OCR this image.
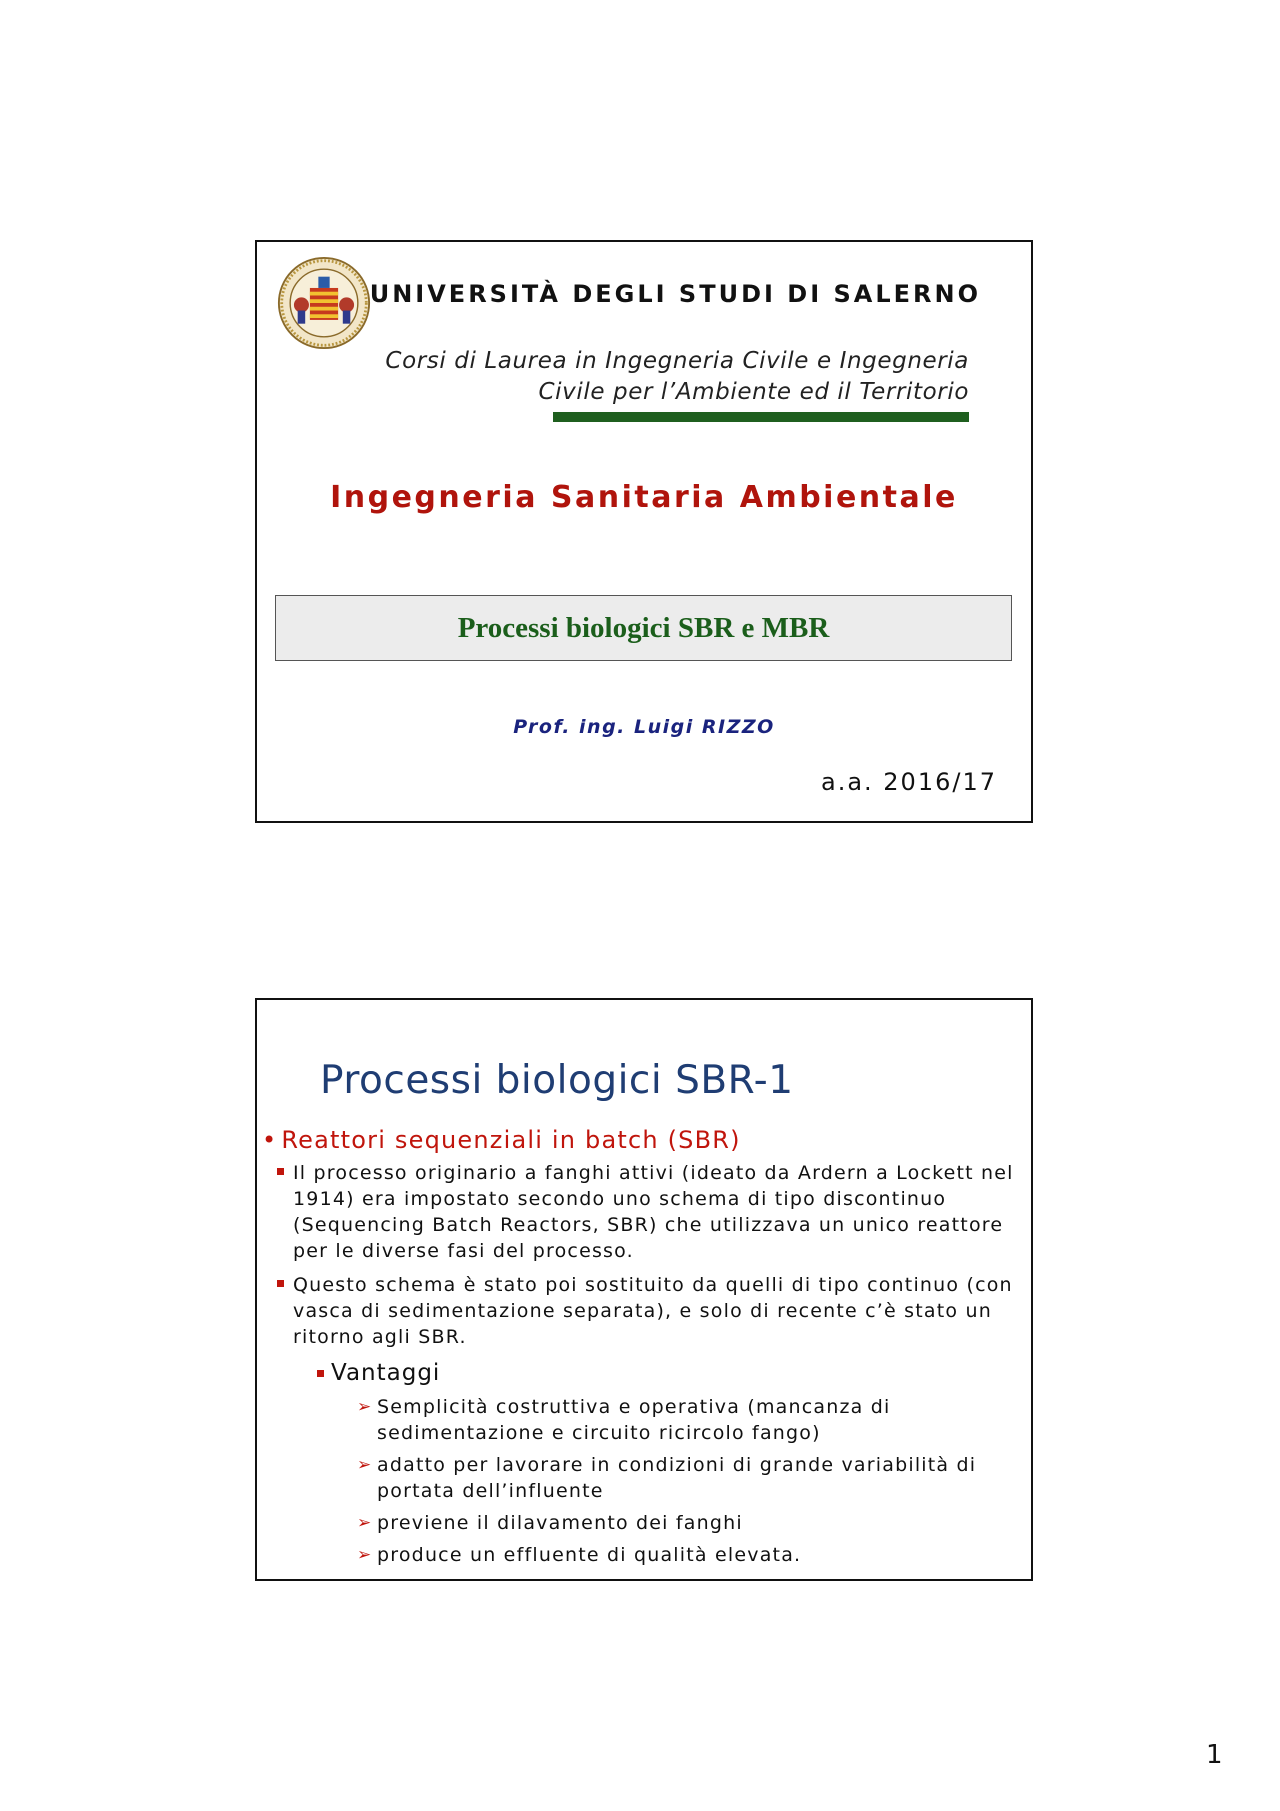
UNIVERSITÀ DEGLI STUDI DI SALERNO
Corsi di Laurea in Ingegneria Civile e Ingegneria
Civile per l’Ambiente ed il Territorio
Ingegneria Sanitaria Ambientale
Processi biologici SBR e MBR
Prof. ing. Luigi RIZZO
a.a. 2016/17
Processi biologici SBR-1
• Reattori sequenziali in batch (SBR)
Il processo originario a fanghi attivi (ideato da Ardern a Lockett nel 1914) era impostato secondo uno schema di tipo discontinuo (Sequencing Batch Reactors, SBR) che utilizzava un unico reattore per le diverse fasi del processo.
Questo schema è stato poi sostituito da quelli di tipo continuo (con vasca di sedimentazione separata), e solo di recente c’è stato un ritorno agli SBR.
Vantaggi
➢ Semplicità costruttiva e operativa (mancanza di sedimentazione e circuito ricircolo fango)
➢ adatto per lavorare in condizioni di grande variabilità di portata dell’influente
➢ previene il dilavamento dei fanghi
➢ produce un effluente di qualità elevata.
1
